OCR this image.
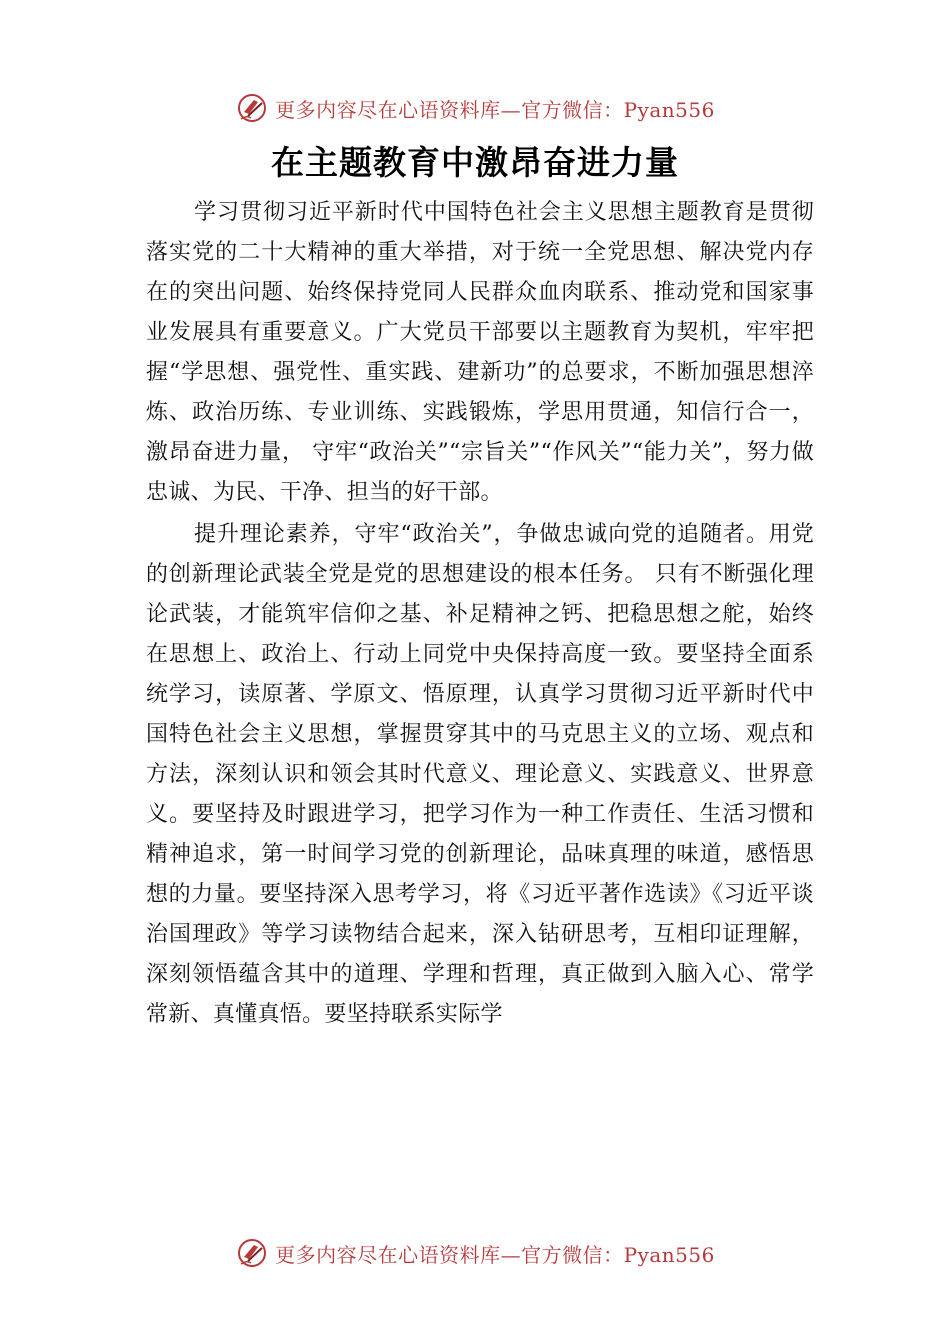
更多内容尽在心语资料库—官方微信：Pyan556
在主题教育中激昂奋进力量

学习贯彻习近平新时代中国特色社会主义思想主题教育是贯彻落实党的二十大精神的重大举措，对于统一全党思想、解决党内存在的突出问题、始终保持党同人民群众血肉联系、推动党和国家事业发展具有重要意义。广大党员干部要以主题教育为契机，牢牢把握“学思想、强党性、重实践、建新功”的总要求，不断加强思想淬炼、政治历练、专业训练、实践锻炼，学思用贯通，知信行合一，激昂奋进力量， 守牢“政治关”“宗旨关”“作风关”“能力关”，努力做忠诚、为民、干净、担当的好干部。

提升理论素养，守牢“政治关”，争做忠诚向党的追随者。用党的创新理论武装全党是党的思想建设的根本任务。 只有不断强化理论武装，才能筑牢信仰之基、补足精神之钙、把稳思想之舵，始终在思想上、政治上、行动上同党中央保持高度一致。要坚持全面系统学习，读原著、学原文、悟原理，认真学习贯彻习近平新时代中国特色社会主义思想，掌握贯穿其中的马克思主义的立场、观点和方法，深刻认识和领会其时代意义、理论意义、实践意义、世界意义。要坚持及时跟进学习，把学习作为一种工作责任、生活习惯和精神追求，第一时间学习党的创新理论，品味真理的味道，感悟思想的力量。要坚持深入思考学习，将《习近平著作选读》《习近平谈治国理政》等学习读物结合起来，深入钻研思考，互相印证理解，深刻领悟蕴含其中的道理、学理和哲理，真正做到入脑入心、常学常新、真懂真悟。要坚持联系实际学

更多内容尽在心语资料库—官方微信：Pyan556
